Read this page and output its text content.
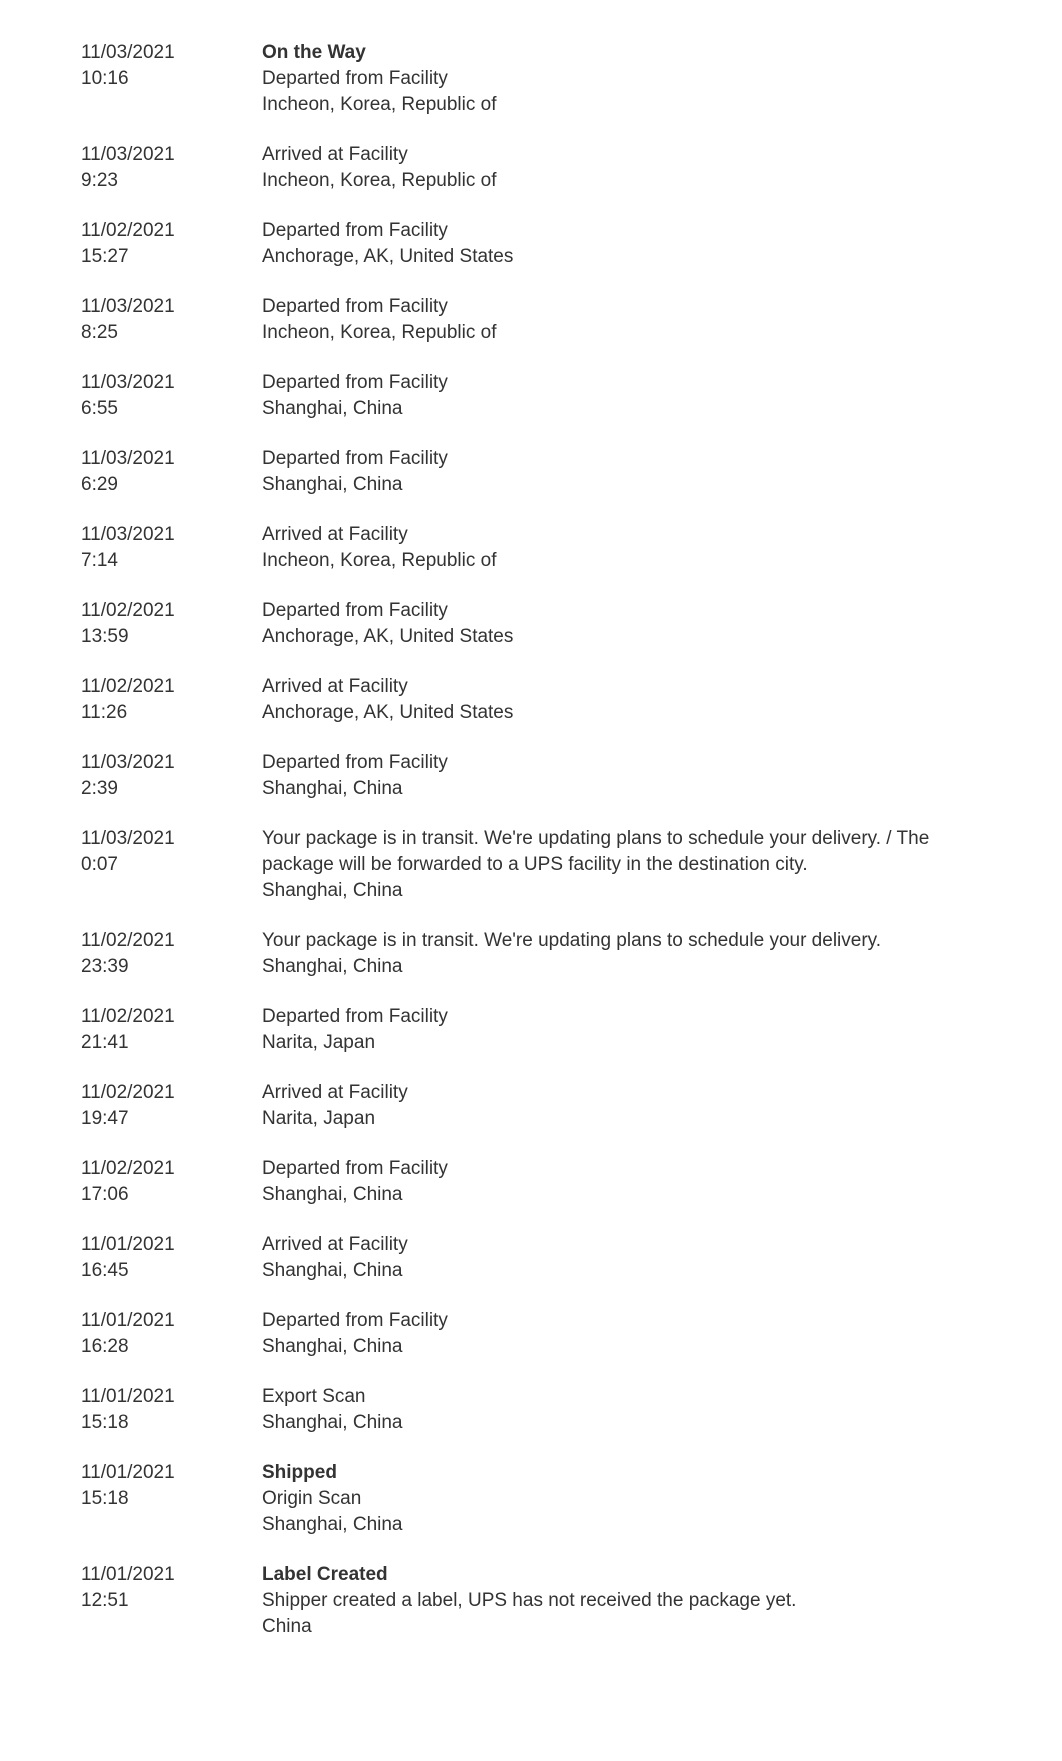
11/03/2021
10:16
On the Way
Departed from Facility
Incheon, Korea, Republic of
11/03/2021
9:23
Arrived at Facility
Incheon, Korea, Republic of
11/02/2021
15:27
Departed from Facility
Anchorage, AK, United States
11/03/2021
8:25
Departed from Facility
Incheon, Korea, Republic of
11/03/2021
6:55
Departed from Facility
Shanghai, China
11/03/2021
6:29
Departed from Facility
Shanghai, China
11/03/2021
7:14
Arrived at Facility
Incheon, Korea, Republic of
11/02/2021
13:59
Departed from Facility
Anchorage, AK, United States
11/02/2021
11:26
Arrived at Facility
Anchorage, AK, United States
11/03/2021
2:39
Departed from Facility
Shanghai, China
11/03/2021
0:07
Your package is in transit. We're updating plans to schedule your delivery. / The package will be forwarded to a UPS facility in the destination city.
Shanghai, China
11/02/2021
23:39
Your package is in transit. We're updating plans to schedule your delivery.
Shanghai, China
11/02/2021
21:41
Departed from Facility
Narita, Japan
11/02/2021
19:47
Arrived at Facility
Narita, Japan
11/02/2021
17:06
Departed from Facility
Shanghai, China
11/01/2021
16:45
Arrived at Facility
Shanghai, China
11/01/2021
16:28
Departed from Facility
Shanghai, China
11/01/2021
15:18
Export Scan
Shanghai, China
11/01/2021
15:18
Shipped
Origin Scan
Shanghai, China
11/01/2021
12:51
Label Created
Shipper created a label, UPS has not received the package yet.
China
